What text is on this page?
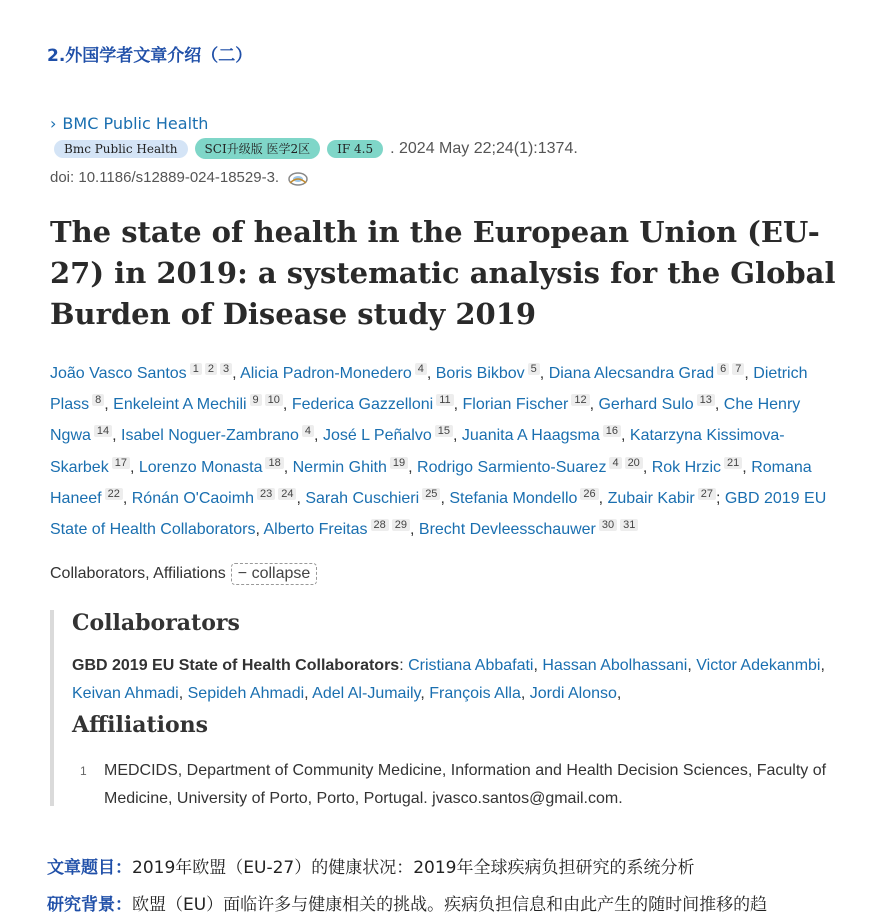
2.外国学者文章介绍（二）
› BMC Public Health
Bmc Public Health	SCI升级版 医学2区	IF 4.5	. 2024 May 22;24(1):1374.
doi: 10.1186/s12889-024-18529-3.
The state of health in the European Union (EU-27) in 2019: a systematic analysis for the Global Burden of Disease study 2019
João Vasco Santos $^1$ $^2$ $^3$ , Alicia Padron-Monedero $^4$ , Boris Bikbov $^5$ , Diana Alecsandra Grad $^6$ $^7$ , Dietrich Plass $^8$ , Enkeleint A Mechili $^9$ $^{10}$ , Federica Gazzelloni $^{11}$ , Florian Fischer $^{12}$ , Gerhard Sulo $^{13}$ , Che Henry Ngwa $^{14}$ , Isabel Noguer-Zambrano $^4$ , José L Peñalvo $^{15}$ , Juanita A Haagsma $^{16}$ , Katarzyna Kissimova-Skarbek $^{17}$ , Lorenzo Monasta $^{18}$ , Nermin Ghith $^{19}$ , Rodrigo Sarmiento-Suarez $^4$ $^{20}$ , Rok Hrzic $^{21}$ , Romana Haneef $^{22}$ , Rónán O'Caoimh $^{23}$ $^{24}$ , Sarah Cuschieri $^{25}$ , Stefania Mondello $^{26}$ , Zubair Kabir $^{27}$ ; GBD 2019 EU State of Health Collaborators, Alberto Freitas $^{28}$ $^{29}$ , Brecht Devleesschauwer $^{30}$ $^{31}$
Collaborators, Affiliations − collapse
Collaborators
GBD 2019 EU State of Health Collaborators: Cristiana Abbafati, Hassan Abolhassani, Victor Adekanmbi, Keivan Ahmadi, Sepideh Ahmadi, Adel Al-Jumaily, François Alla, Jordi Alonso,
Affiliations
1	MEDCIDS, Department of Community Medicine, Information and Health Decision Sciences, Faculty of Medicine, University of Porto, Porto, Portugal. jvasco.santos@gmail.com.
文章题目：2019年欧盟（EU-27）的健康状况：2019年全球疾病负担研究的系统分析
研究背景：欧盟（EU）面临许多与健康相关的挑战。疾病负担信息和由此产生的随时间推移的趋
